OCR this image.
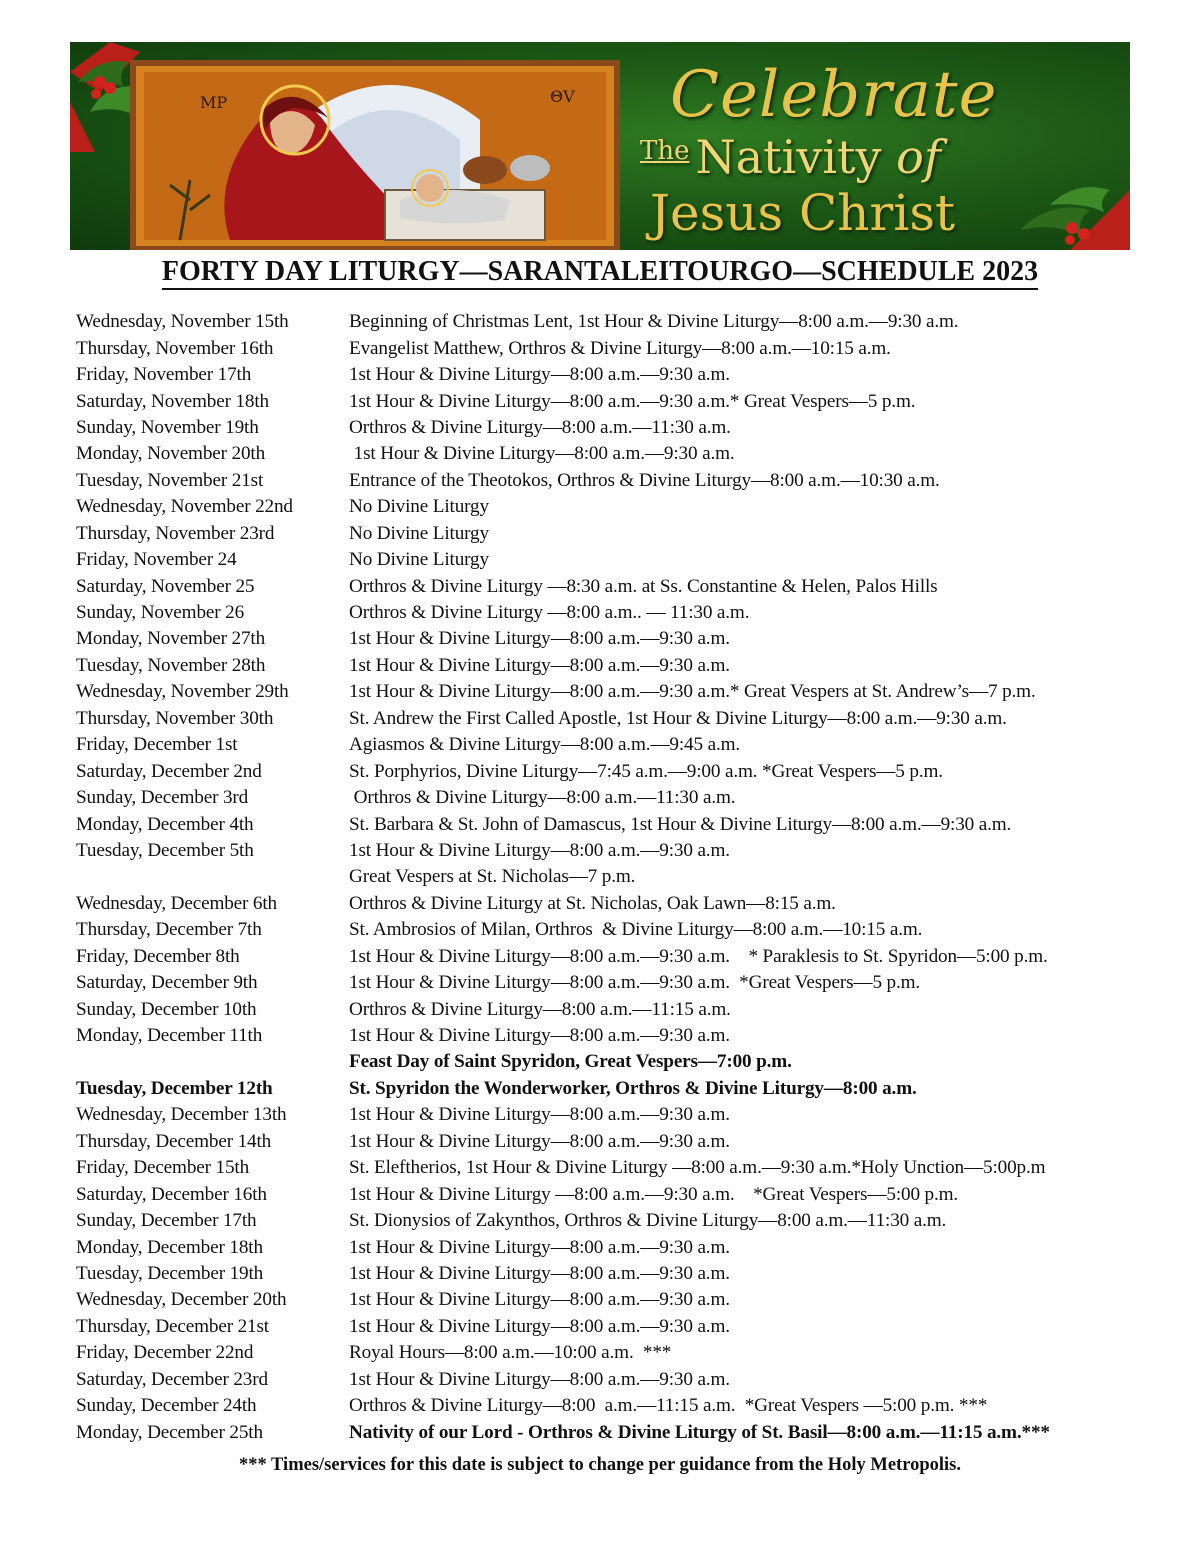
MP	ΘV Celebrate
$^{The}$ Nativity of
Jesus Christ
FORTY DAY LITURGY—SARANTALEITOURGO—SCHEDULE 2023
Wednesday, November 15th	Beginning of Christmas Lent, 1st Hour & Divine Liturgy—8:00 a.m.—9:30 a.m.
Thursday, November 16th	Evangelist Matthew, Orthros & Divine Liturgy—8:00 a.m.—10:15 a.m.
Friday, November 17th	1st Hour & Divine Liturgy—8:00 a.m.—9:30 a.m.
Saturday, November 18th	1st Hour & Divine Liturgy—8:00 a.m.—9:30 a.m.* Great Vespers—5 p.m.
Sunday, November 19th	Orthros & Divine Liturgy—8:00 a.m.—11:30 a.m.
Monday, November 20th	1st Hour & Divine Liturgy—8:00 a.m.—9:30 a.m.
Tuesday, November 21st	Entrance of the Theotokos, Orthros & Divine Liturgy—8:00 a.m.—10:30 a.m.
Wednesday, November 22nd	No Divine Liturgy
Thursday, November 23rd	No Divine Liturgy
Friday, November 24	No Divine Liturgy
Saturday, November 25	Orthros & Divine Liturgy —8:30 a.m. at Ss. Constantine & Helen, Palos Hills
Sunday, November 26	Orthros & Divine Liturgy —8:00 a.m.. — 11:30 a.m.
Monday, November 27th	1st Hour & Divine Liturgy—8:00 a.m.—9:30 a.m.
Tuesday, November 28th	1st Hour & Divine Liturgy—8:00 a.m.—9:30 a.m.
Wednesday, November 29th	1st Hour & Divine Liturgy—8:00 a.m.—9:30 a.m.* Great Vespers at St. Andrew’s—7 p.m.
Thursday, November 30th	St. Andrew the First Called Apostle, 1st Hour & Divine Liturgy—8:00 a.m.—9:30 a.m.
Friday, December 1st	Agiasmos & Divine Liturgy—8:00 a.m.—9:45 a.m.
Saturday, December 2nd	St. Porphyrios, Divine Liturgy—7:45 a.m.—9:00 a.m. *Great Vespers—5 p.m.
Sunday, December 3rd	Orthros & Divine Liturgy—8:00 a.m.—11:30 a.m.
Monday, December 4th	St. Barbara & St. John of Damascus, 1st Hour & Divine Liturgy—8:00 a.m.—9:30 a.m.
Tuesday, December 5th	1st Hour & Divine Liturgy—8:00 a.m.—9:30 a.m.
Great Vespers at St. Nicholas—7 p.m.
Wednesday, December 6th	Orthros & Divine Liturgy at St. Nicholas, Oak Lawn—8:15 a.m.
Thursday, December 7th	St. Ambrosios of Milan, Orthros  & Divine Liturgy—8:00 a.m.—10:15 a.m.
Friday, December 8th	1st Hour & Divine Liturgy—8:00 a.m.—9:30 a.m.    * Paraklesis to St. Spyridon—5:00 p.m.
Saturday, December 9th	1st Hour & Divine Liturgy—8:00 a.m.—9:30 a.m.  *Great Vespers—5 p.m.
Sunday, December 10th	Orthros & Divine Liturgy—8:00 a.m.—11:15 a.m.
Monday, December 11th	1st Hour & Divine Liturgy—8:00 a.m.—9:30 a.m.
Feast Day of Saint Spyridon, Great Vespers—7:00 p.m.
Tuesday, December 12th	St. Spyridon the Wonderworker, Orthros & Divine Liturgy—8:00 a.m.
Wednesday, December 13th	1st Hour & Divine Liturgy—8:00 a.m.—9:30 a.m.
Thursday, December 14th	1st Hour & Divine Liturgy—8:00 a.m.—9:30 a.m.
Friday, December 15th	St. Eleftherios, 1st Hour & Divine Liturgy —8:00 a.m.—9:30 a.m.*Holy Unction—5:00p.m
Saturday, December 16th	1st Hour & Divine Liturgy —8:00 a.m.—9:30 a.m.    *Great Vespers—5:00 p.m.
Sunday, December 17th	St. Dionysios of Zakynthos, Orthros & Divine Liturgy—8:00 a.m.—11:30 a.m.
Monday, December 18th	1st Hour & Divine Liturgy—8:00 a.m.—9:30 a.m.
Tuesday, December 19th	1st Hour & Divine Liturgy—8:00 a.m.—9:30 a.m.
Wednesday, December 20th	1st Hour & Divine Liturgy—8:00 a.m.—9:30 a.m.
Thursday, December 21st	1st Hour & Divine Liturgy—8:00 a.m.—9:30 a.m.
Friday, December 22nd	Royal Hours—8:00 a.m.—10:00 a.m.  ***
Saturday, December 23rd	1st Hour & Divine Liturgy—8:00 a.m.—9:30 a.m.
Sunday, December 24th	Orthros & Divine Liturgy—8:00  a.m.—11:15 a.m.  *Great Vespers —5:00 p.m. ***
Monday, December 25th	Nativity of our Lord - Orthros & Divine Liturgy of St. Basil—8:00 a.m.—11:15 a.m.***
*** Times/services for this date is subject to change per guidance from the Holy Metropolis.
